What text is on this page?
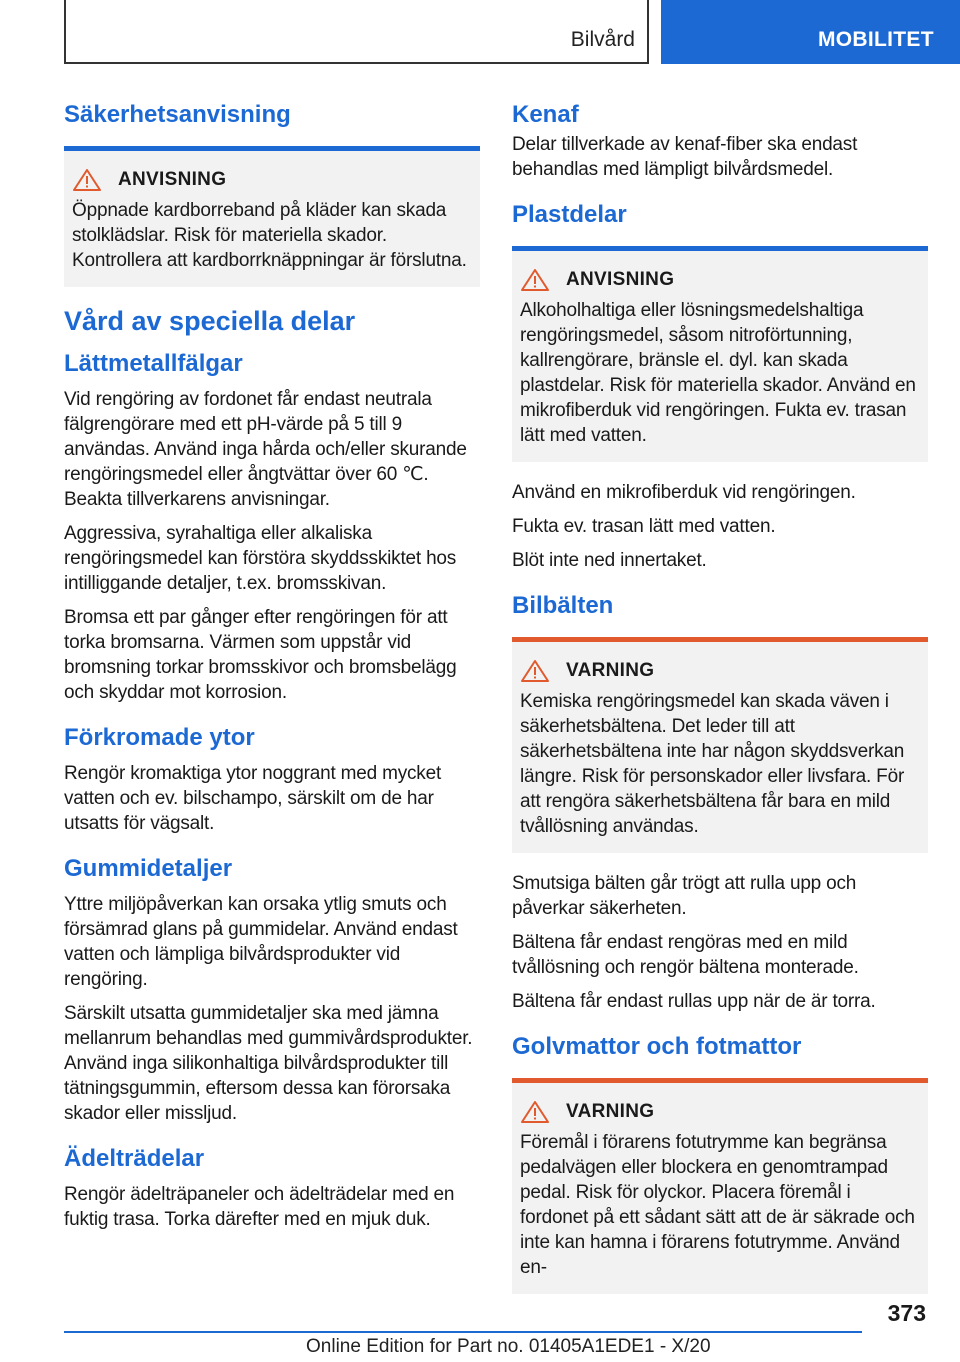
Bilvård	MOBILITET
Säkerhetsanvisning
ANVISNING

Öppnade kardborreband på kläder kan skada stolklädslar. Risk för materiella skador. Kontrollera att kardborrknäppningar är förslutna.

Vård av speciella delar
Lättmetallfälgar

Vid rengöring av fordonet får endast neutrala fälgrengörare med ett pH-värde på 5 till 9 användas. Använd inga hårda och/eller skurande rengöringsmedel eller ångtvättar över 60 ℃. Beakta tillverkarens anvisningar.

Aggressiva, syrahaltiga eller alkaliska rengöringsmedel kan förstöra skyddsskiktet hos intilliggande detaljer, t.ex. bromsskivan.

Bromsa ett par gånger efter rengöringen för att torka bromsarna. Värmen som uppstår vid bromsning torkar bromsskivor och bromsbelägg och skyddar mot korrosion.

Förkromade ytor

Rengör kromaktiga ytor noggrant med mycket vatten och ev. bilschampo, särskilt om de har utsatts för vägsalt.

Gummidetaljer

Yttre miljöpåverkan kan orsaka ytlig smuts och försämrad glans på gummidelar. Använd endast vatten och lämpliga bilvårdsprodukter vid rengöring.

Särskilt utsatta gummidetaljer ska med jämna mellanrum behandlas med gummivårdsprodukter. Använd inga silikonhaltiga bilvårdsprodukter till tätningsgummin, eftersom dessa kan förorsaka skador eller missljud.

Ädelträdelar

Rengör ädelträpaneler och ädelträdelar med en fuktig trasa. Torka därefter med en mjuk duk.

Kenaf

Delar tillverkade av kenaf-fiber ska endast behandlas med lämpligt bilvårdsmedel.

Plastdelar
ANVISNING

Alkoholhaltiga eller lösningsmedelshaltiga rengöringsmedel, såsom nitroförtunning, kallrengörare, bränsle el. dyl. kan skada plastdelar. Risk för materiella skador. Använd en mikrofiberduk vid rengöringen. Fukta ev. trasan lätt med vatten.

Använd en mikrofiberduk vid rengöringen.

Fukta ev. trasan lätt med vatten.

Blöt inte ned innertaket.

Bilbälten
VARNING

Kemiska rengöringsmedel kan skada väven i säkerhetsbältena. Det leder till att säkerhetsbältena inte har någon skyddsverkan längre. Risk för personskador eller livsfara. För att rengöra säkerhetsbältena får bara en mild tvållösning användas.

Smutsiga bälten går trögt att rulla upp och påverkar säkerheten.

Bältena får endast rengöras med en mild tvållösning och rengör bältena monterade.

Bältena får endast rullas upp när de är torra.

Golvmattor och fotmattor
VARNING

Föremål i förarens fotutrymme kan begränsa pedalvägen eller blockera en genomtrampad pedal. Risk för olyckor. Placera föremål i fordonet på ett sådant sätt att de är säkrade och inte kan hamna i förarens fotutrymme. Använd en-

373
Online Edition for Part no. 01405A1EDE1 - X/20
